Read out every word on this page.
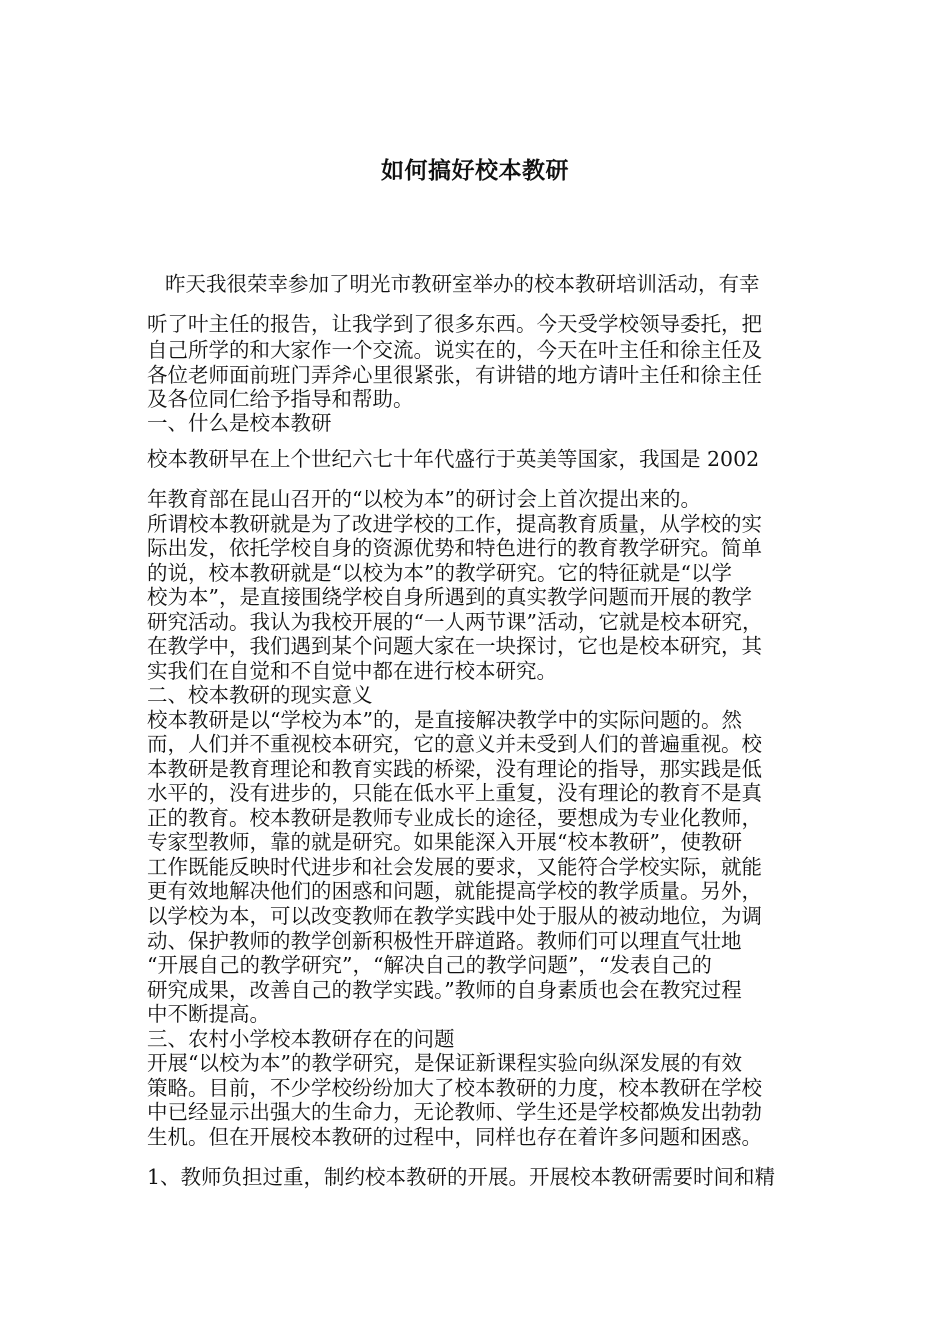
如何搞好校本教研
昨天我很荣幸参加了明光市教研室举办的校本教研培训活动，有幸
听了叶主任的报告，让我学到了很多东西。今天受学校领导委托，把
自己所学的和大家作一个交流。说实在的，今天在叶主任和徐主任及
各位老师面前班门弄斧心里很紧张，有讲错的地方请叶主任和徐主任
及各位同仁给予指导和帮助。
一、什么是校本教研
校本教研早在上个世纪六七十年代盛行于英美等国家，我国是 2002
年教育部在昆山召开的“以校为本”的研讨会上首次提出来的。
所谓校本教研就是为了改进学校的工作，提高教育质量，从学校的实
际出发，依托学校自身的资源优势和特色进行的教育教学研究。简单
的说，校本教研就是“以校为本”的教学研究。它的特征就是“以学
校为本”，是直接围绕学校自身所遇到的真实教学问题而开展的教学
研究活动。我认为我校开展的“一人两节课”活动，它就是校本研究，
在教学中，我们遇到某个问题大家在一块探讨，它也是校本研究，其
实我们在自觉和不自觉中都在进行校本研究。
二、校本教研的现实意义
校本教研是以“学校为本”的，是直接解决教学中的实际问题的。然
而，人们并不重视校本研究，它的意义并未受到人们的普遍重视。校
本教研是教育理论和教育实践的桥梁，没有理论的指导，那实践是低
水平的，没有进步的，只能在低水平上重复，没有理论的教育不是真
正的教育。校本教研是教师专业成长的途径，要想成为专业化教师，
专家型教师，靠的就是研究。如果能深入开展“校本教研”，使教研
工作既能反映时代进步和社会发展的要求，又能符合学校实际，就能
更有效地解决他们的困惑和问题，就能提高学校的教学质量。另外，
以学校为本，可以改变教师在教学实践中处于服从的被动地位，为调
动、保护教师的教学创新积极性开辟道路。教师们可以理直气壮地
“开展自己的教学研究”，“解决自己的教学问题”，“发表自己的
研究成果，改善自己的教学实践。”教师的自身素质也会在教究过程
中不断提高。
三、农村小学校本教研存在的问题
开展“以校为本”的教学研究，是保证新课程实验向纵深发展的有效
策略。目前，不少学校纷纷加大了校本教研的力度，校本教研在学校
中已经显示出强大的生命力，无论教师、学生还是学校都焕发出勃勃
生机。但在开展校本教研的过程中，同样也存在着许多问题和困惑。
1、教师负担过重，制约校本教研的开展。开展校本教研需要时间和精
